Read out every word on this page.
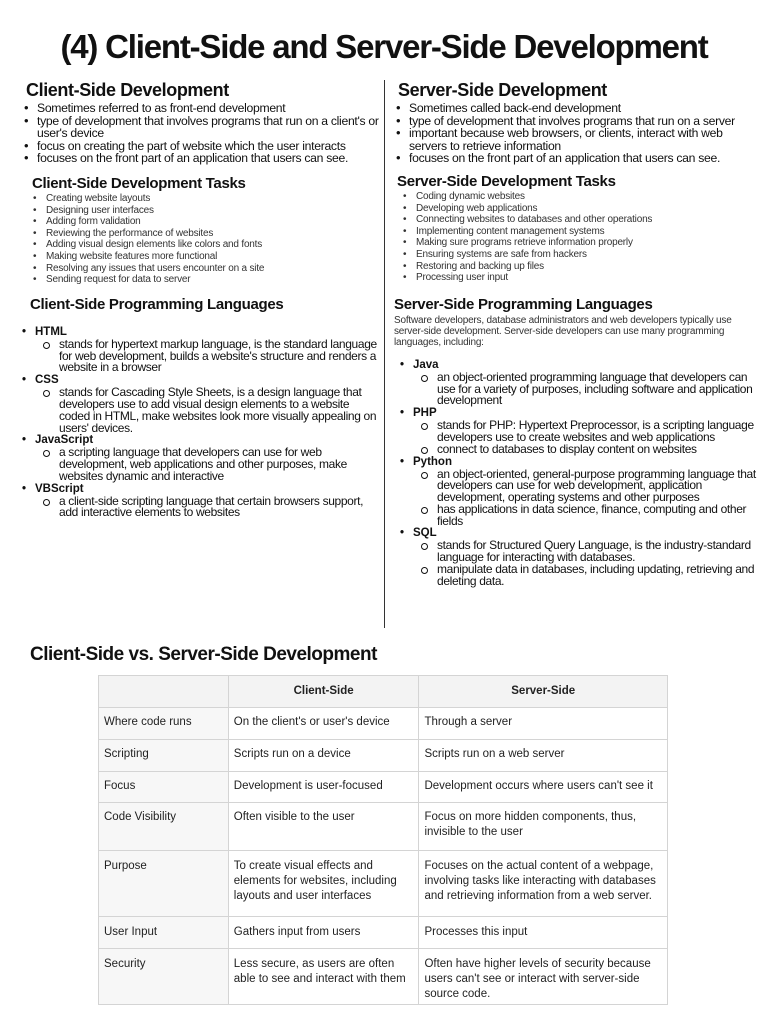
(4) Client-Side and Server-Side Development
Client-Side Development
• Sometimes referred to as front-end development
• type of development that involves programs that run on a client's or user's device
• focus on creating the part of website which the user interacts
• focuses on the front part of an application that users can see.
Client-Side Development Tasks
• Creating website layouts
• Designing user interfaces
• Adding form validation
• Reviewing the performance of websites
• Adding visual design elements like colors and fonts
• Making website features more functional
• Resolving any issues that users encounter on a site
• Sending request for data to server
Client-Side Programming Languages
• HTML
stands for hypertext markup language, is the standard language for web development, builds a website's structure and renders a website in a browser
• CSS
stands for Cascading Style Sheets, is a design language that developers use to add visual design elements to a website coded in HTML, make websites look more visually appealing on users' devices.
• JavaScript
a scripting language that developers can use for web development, web applications and other purposes, make websites dynamic and interactive
• VBScript
a client-side scripting language that certain browsers support, add interactive elements to websites
Server-Side Development
• Sometimes called back-end development
• type of development that involves programs that run on a server
• important because web browsers, or clients, interact with web servers to retrieve information
• focuses on the front part of an application that users can see.
Server-Side Development Tasks
• Coding dynamic websites
• Developing web applications
• Connecting websites to databases and other operations
• Implementing content management systems
• Making sure programs retrieve information properly
• Ensuring systems are safe from hackers
• Restoring and backing up files
• Processing user input
Server-Side Programming Languages
Software developers, database administrators and web developers typically use server-side development. Server-side developers can use many programming languages, including:
• Java
an object-oriented programming language that developers can use for a variety of purposes, including software and application development
• PHP
stands for PHP: Hypertext Preprocessor, is a scripting language developers use to create websites and web applications
connect to databases to display content on websites
• Python
an object-oriented, general-purpose programming language that developers can use for web development, application development, operating systems and other purposes
has applications in data science, finance, computing and other fields
• SQL
stands for Structured Query Language, is the industry-standard language for interacting with databases.
manipulate data in databases, including updating, retrieving and deleting data.
Client-Side vs. Server-Side Development
	Client-Side	Server-Side
Where code runs	On the client's or user's device	Through a server
Scripting	Scripts run on a device	Scripts run on a web server
Focus	Development is user-focused	Development occurs where users can't see it
Code Visibility	Often visible to the user	Focus on more hidden components, thus, invisible to the user
Purpose	To create visual effects and elements for websites, including layouts and user interfaces	Focuses on the actual content of a webpage, involving tasks like interacting with databases and retrieving information from a web server.
User Input	Gathers input from users	Processes this input
Security	Less secure, as users are often able to see and interact with them	Often have higher levels of security because users can't see or interact with server-side source code.
